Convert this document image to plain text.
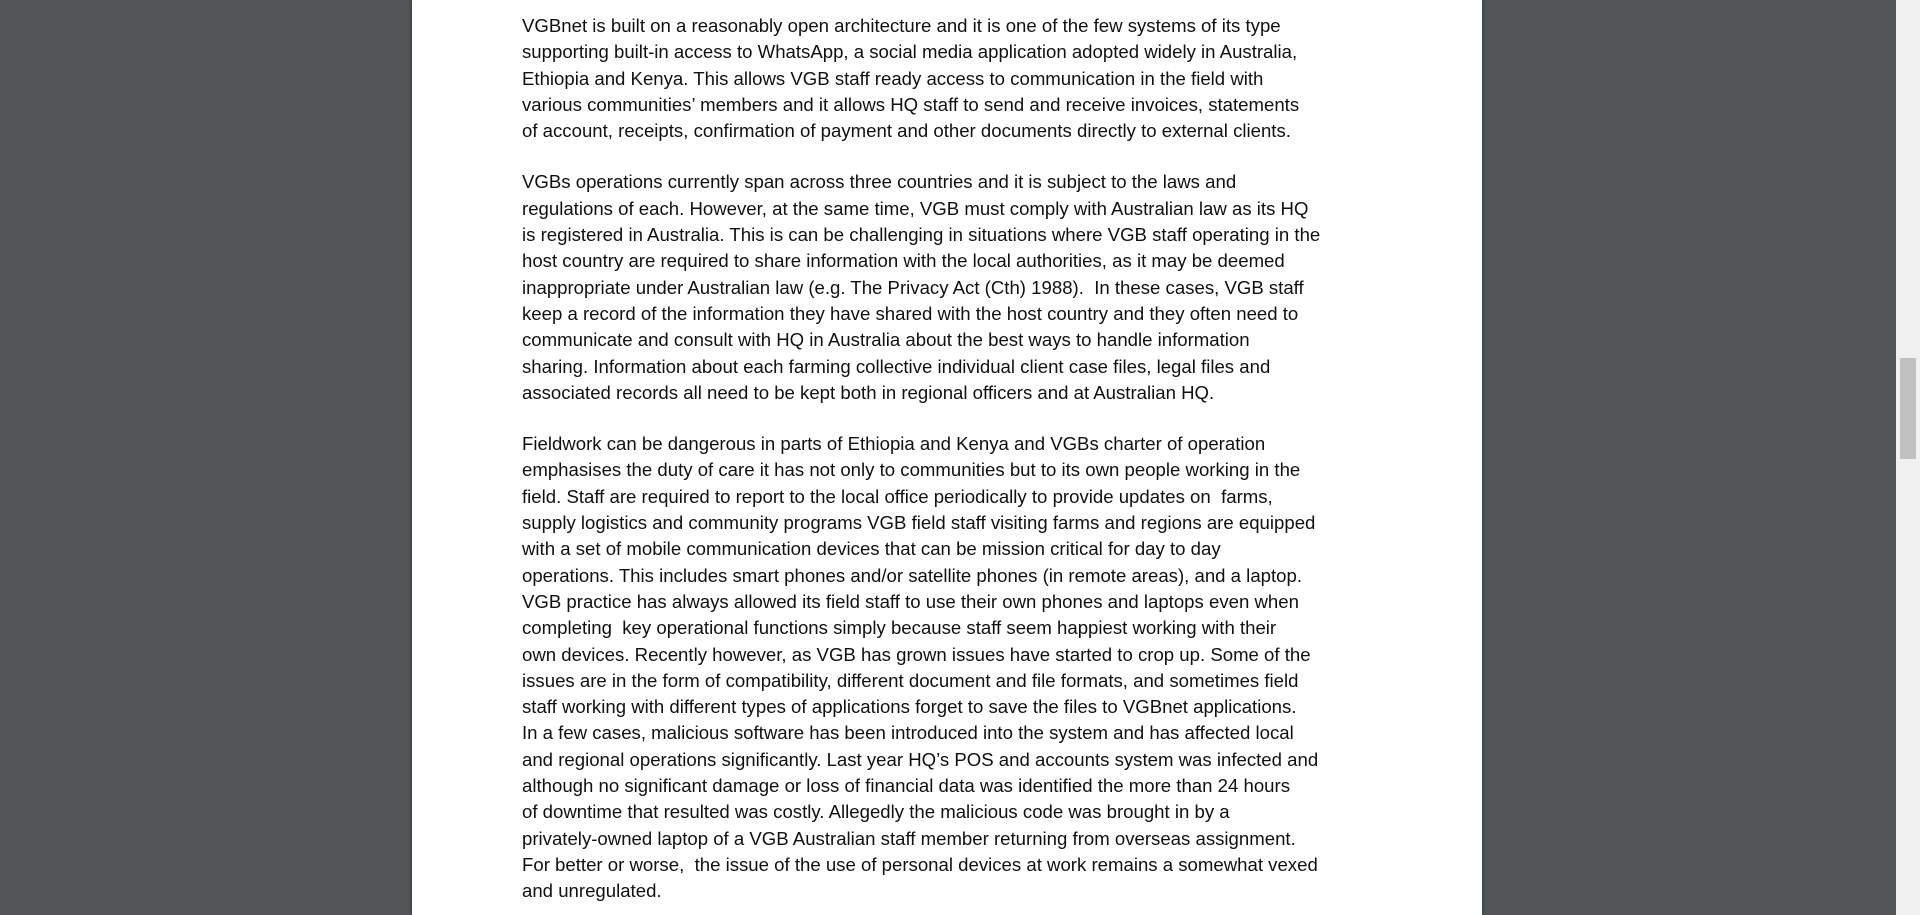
VGBnet is built on a reasonably open architecture and it is one of the few systems of its type
supporting built-in access to WhatsApp, a social media application adopted widely in Australia,
Ethiopia and Kenya. This allows VGB staff ready access to communication in the field with
various communities’ members and it allows HQ staff to send and receive invoices, statements
of account, receipts, confirmation of payment and other documents directly to external clients.

VGBs operations currently span across three countries and it is subject to the laws and
regulations of each. However, at the same time, VGB must comply with Australian law as its HQ
is registered in Australia. This is can be challenging in situations where VGB staff operating in the
host country are required to share information with the local authorities, as it may be deemed
inappropriate under Australian law (e.g. The Privacy Act (Cth) 1988).  In these cases, VGB staff
keep a record of the information they have shared with the host country and they often need to
communicate and consult with HQ in Australia about the best ways to handle information
sharing. Information about each farming collective individual client case files, legal files and
associated records all need to be kept both in regional officers and at Australian HQ.

Fieldwork can be dangerous in parts of Ethiopia and Kenya and VGBs charter of operation
emphasises the duty of care it has not only to communities but to its own people working in the
field. Staff are required to report to the local office periodically to provide updates on  farms,
supply logistics and community programs VGB field staff visiting farms and regions are equipped
with a set of mobile communication devices that can be mission critical for day to day
operations. This includes smart phones and/or satellite phones (in remote areas), and a laptop.
VGB practice has always allowed its field staff to use their own phones and laptops even when
completing  key operational functions simply because staff seem happiest working with their
own devices. Recently however, as VGB has grown issues have started to crop up. Some of the
issues are in the form of compatibility, different document and file formats, and sometimes field
staff working with different types of applications forget to save the files to VGBnet applications.
In a few cases, malicious software has been introduced into the system and has affected local
and regional operations significantly. Last year HQ’s POS and accounts system was infected and
although no significant damage or loss of financial data was identified the more than 24 hours
of downtime that resulted was costly. Allegedly the malicious code was brought in by a
privately-owned laptop of a VGB Australian staff member returning from overseas assignment.
For better or worse,  the issue of the use of personal devices at work remains a somewhat vexed
and unregulated.
